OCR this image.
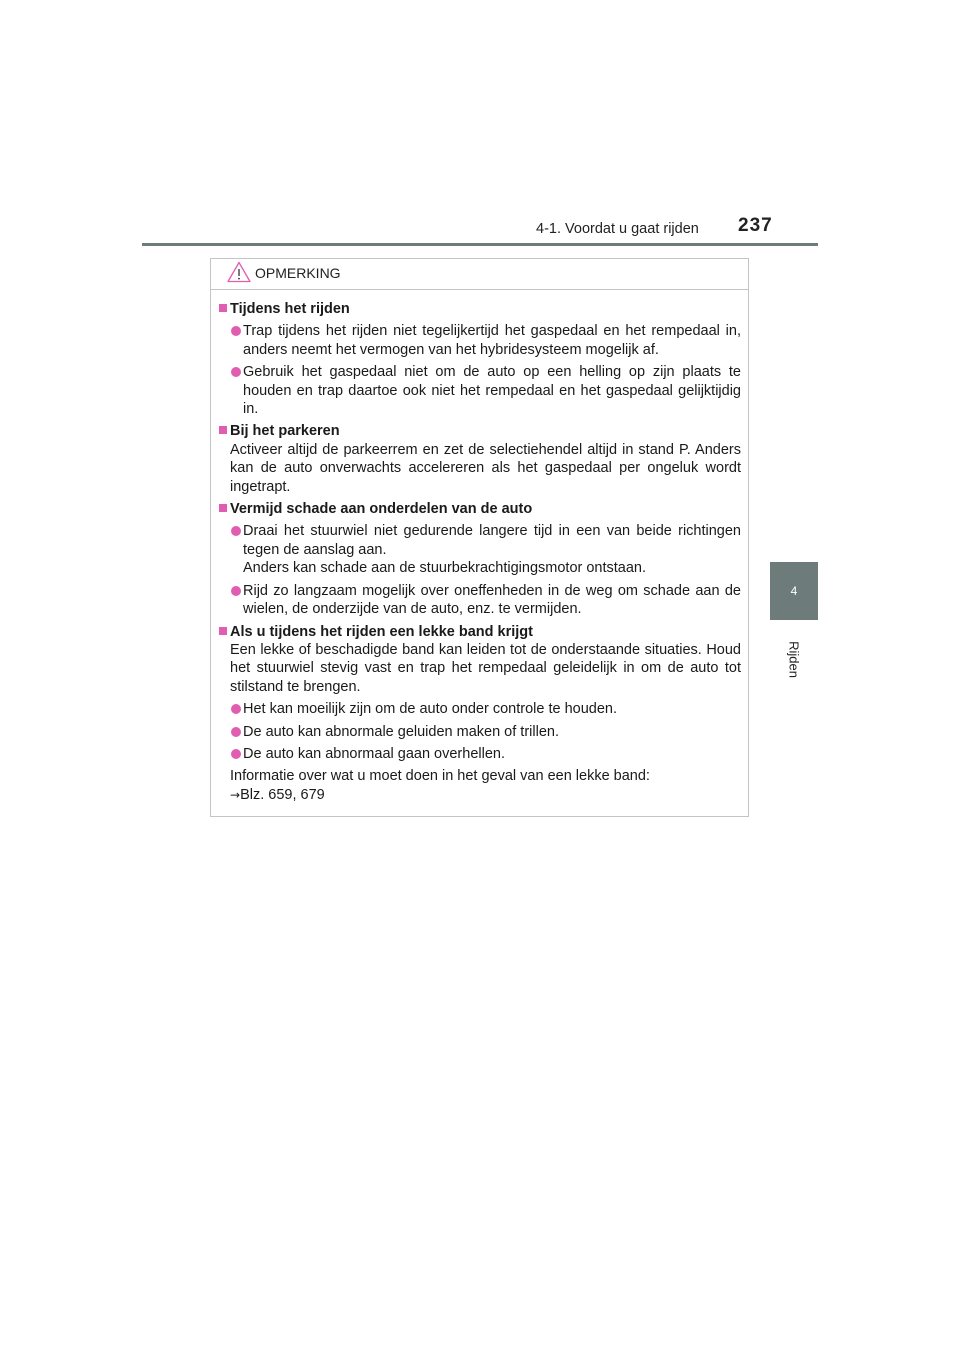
4-1. Voordat u gaat rijden 237
4
Rijden
OPMERKING
Tijdens het rijden
Trap tijdens het rijden niet tegelijkertijd het gaspedaal en het rempedaal in, anders neemt het vermogen van het hybridesysteem mogelijk af.
Gebruik het gaspedaal niet om de auto op een helling op zijn plaats te houden en trap daartoe ook niet het rempedaal en het gaspedaal gelijktijdig in.
Bij het parkeren
Activeer altijd de parkeerrem en zet de selectiehendel altijd in stand P. Anders kan de auto onverwachts accelereren als het gaspedaal per ongeluk wordt ingetrapt.
Vermijd schade aan onderdelen van de auto
Draai het stuurwiel niet gedurende langere tijd in een van beide richtingen tegen de aanslag aan.
Anders kan schade aan de stuurbekrachtigingsmotor ontstaan.
Rijd zo langzaam mogelijk over oneffenheden in de weg om schade aan de wielen, de onderzijde van de auto, enz. te vermijden.
Als u tijdens het rijden een lekke band krijgt
Een lekke of beschadigde band kan leiden tot de onderstaande situaties. Houd het stuurwiel stevig vast en trap het rempedaal geleidelijk in om de auto tot stilstand te brengen.
Het kan moeilijk zijn om de auto onder controle te houden.
De auto kan abnormale geluiden maken of trillen.
De auto kan abnormaal gaan overhellen.
Informatie over wat u moet doen in het geval van een lekke band:
→Blz. 659, 679
